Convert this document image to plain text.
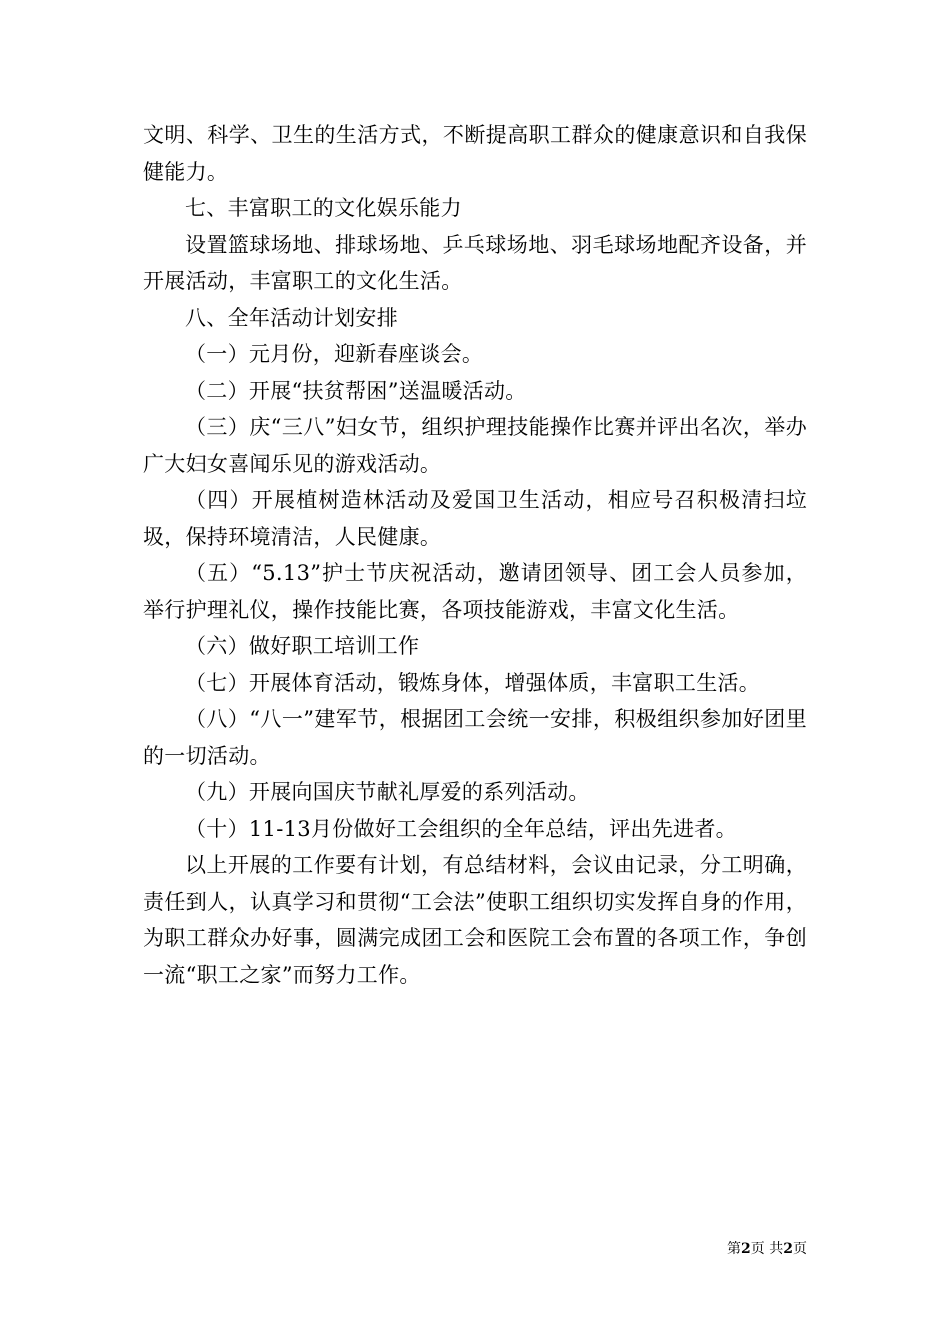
文明、科学、卫生的生活方式，不断提高职工群众的健康意识和自我保健能力。

七、丰富职工的文化娱乐能力

设置篮球场地、排球场地、乒乓球场地、羽毛球场地配齐设备，并开展活动，丰富职工的文化生活。

八、全年活动计划安排

（一）元月份，迎新春座谈会。

（二）开展“扶贫帮困”送温暖活动。

（三）庆“三八”妇女节，组织护理技能操作比赛并评出名次，举办广大妇女喜闻乐见的游戏活动。

（四）开展植树造林活动及爱国卫生活动，相应号召积极清扫垃圾，保持环境清洁，人民健康。

（五）“5.13”护士节庆祝活动，邀请团领导、团工会人员参加，举行护理礼仪，操作技能比赛，各项技能游戏，丰富文化生活。

（六）做好职工培训工作

（七）开展体育活动，锻炼身体，增强体质，丰富职工生活。

（八）“八一”建军节，根据团工会统一安排，积极组织参加好团里的一切活动。

（九）开展向国庆节献礼厚爱的系列活动。

（十）11-13月份做好工会组织的全年总结，评出先进者。

以上开展的工作要有计划，有总结材料，会议由记录，分工明确，责任到人，认真学习和贯彻“工会法”使职工组织切实发挥自身的作用，为职工群众办好事，圆满完成团工会和医院工会布置的各项工作，争创一流“职工之家”而努力工作。

第2页 共2页
